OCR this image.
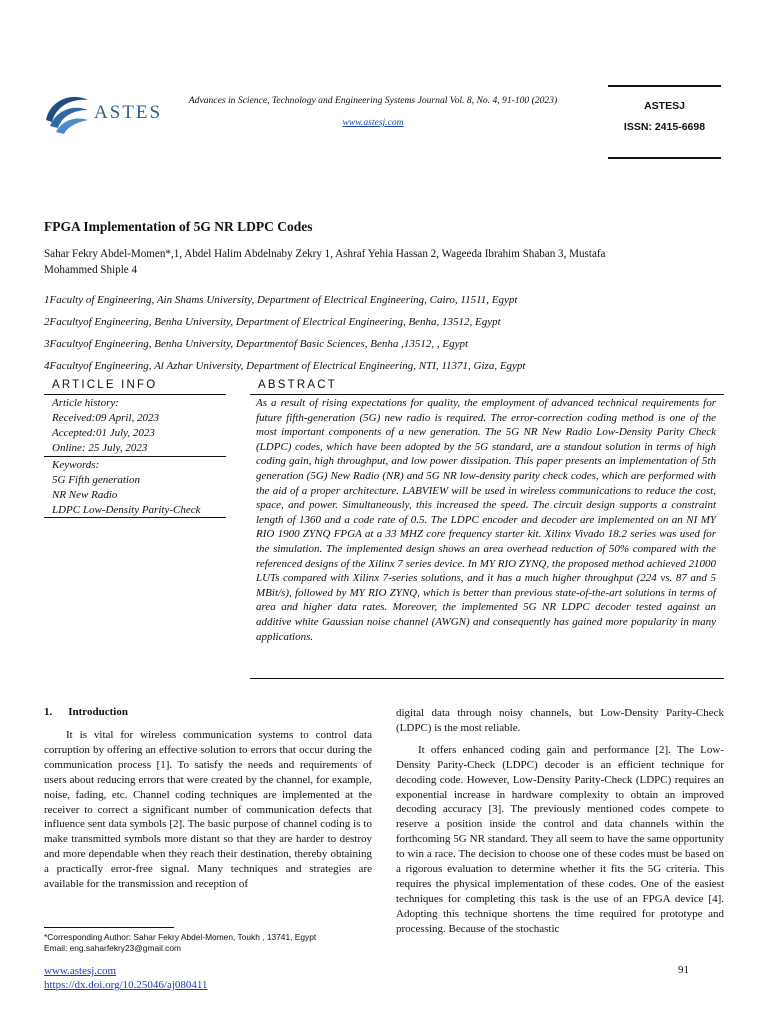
ASTES
Advances in Science, Technology and Engineering Systems Journal Vol. 8, No. 4, 91-100 (2023)
www.astesj.com
ASTESJ
ISSN: 2415-6698
FPGA Implementation of 5G NR LDPC Codes
Sahar Fekry Abdel-Momen*,1, Abdel Halim Abdelnaby Zekry 1, Ashraf Yehia Hassan 2, Wageeda Ibrahim Shaban 3, Mustafa
Mohammed Shiple 4
1Faculty of Engineering, Ain Shams University, Department of Electrical Engineering, Cairo, 11511, Egypt
2Facultyof Engineering, Benha University, Department of Electrical Engineering, Benha, 13512, Egypt
3Facultyof Engineering, Benha University, Departmentof Basic Sciences, Benha ,13512, , Egypt
4Facultyof Engineering, Al Azhar University, Department of Electrical Engineering, NTI, 11371, Giza, Egypt
ARTICLE INFO	ABSTRACT
Article history:
Received:09 April, 2023
Accepted:01 July, 2023
Online: 25 July, 2023
Keywords:
5G Fifth generation
NR New Radio
LDPC Low-Density Parity-Check
As a result of rising expectations for quality, the employment of advanced technical requirements for future fifth-generation (5G) new radio is required. The error-correction coding method is one of the most important components of a new generation. The 5G NR New Radio Low-Density Parity Check (LDPC) codes, which have been adopted by the 5G standard, are a standout solution in terms of high coding gain, high throughput, and low power dissipation. This paper presents an implementation of 5th generation (5G) New Radio (NR) and 5G NR low-density parity check codes, which are performed with the aid of a proper architecture. LABVIEW will be used in wireless communications to reduce the cost, space, and power. Simultaneously, this increased the speed. The circuit design supports a constraint length of 1360 and a code rate of 0.5. The LDPC encoder and decoder are implemented on an NI MY RIO 1900 ZYNQ FPGA at a 33 MHZ core frequency starter kit. Xilinx Vivado 18.2 series was used for the simulation. The implemented design shows an area overhead reduction of 50% compared with the referenced designs of the Xilinx 7 series device. In MY RIO ZYNQ, the proposed method achieved 21000 LUTs compared with Xilinx 7-series solutions, and it has a much higher throughput (224 vs. 87 and 5 MBit/s), followed by MY RIO ZYNQ, which is better than previous state-of-the-art solutions in terms of area and higher data rates. Moreover, the implemented 5G NR LDPC decoder tested against an additive white Gaussian noise channel (AWGN) and consequently has gained more popularity in many applications.
1. Introduction

It is vital for wireless communication systems to control data corruption by offering an effective solution to errors that occur during the communication process [1]. To satisfy the needs and requirements of users about reducing errors that were created by the channel, for example, noise, fading, etc. Channel coding techniques are implemented at the receiver to correct a significant number of communication defects that influence sent data symbols [2]. The basic purpose of channel coding is to make transmitted symbols more distant so that they are harder to destroy and more dependable when they reach their destination, thereby obtaining a practically error-free signal. Many techniques and strategies are available for the transmission and reception of

digital data through noisy channels, but Low-Density Parity-Check (LDPC) is the most reliable.

It offers enhanced coding gain and performance [2]. The Low-Density Parity-Check (LDPC) decoder is an efficient technique for decoding code. However, Low-Density Parity-Check (LDPC) requires an exponential increase in hardware complexity to obtain an improved decoding accuracy [3]. The previously mentioned codes compete to reserve a position inside the control and data channels within the forthcoming 5G NR standard. They all seem to have the same opportunity to win a race. The decision to choose one of these codes must be based on a rigorous evaluation to determine whether it fits the 5G criteria. This requires the physical implementation of these codes. One of the easiest techniques for completing this task is the use of an FPGA device [4]. Adopting this technique shortens the time required for prototype and processing. Because of the stochastic

*Corresponding Author: Sahar Fekry Abdel-Momen, Toukh , 13741, Egypt
Email: eng.saharfekry23@gmail.com
www.astesj.com
https://dx.doi.org/10.25046/aj080411
91
